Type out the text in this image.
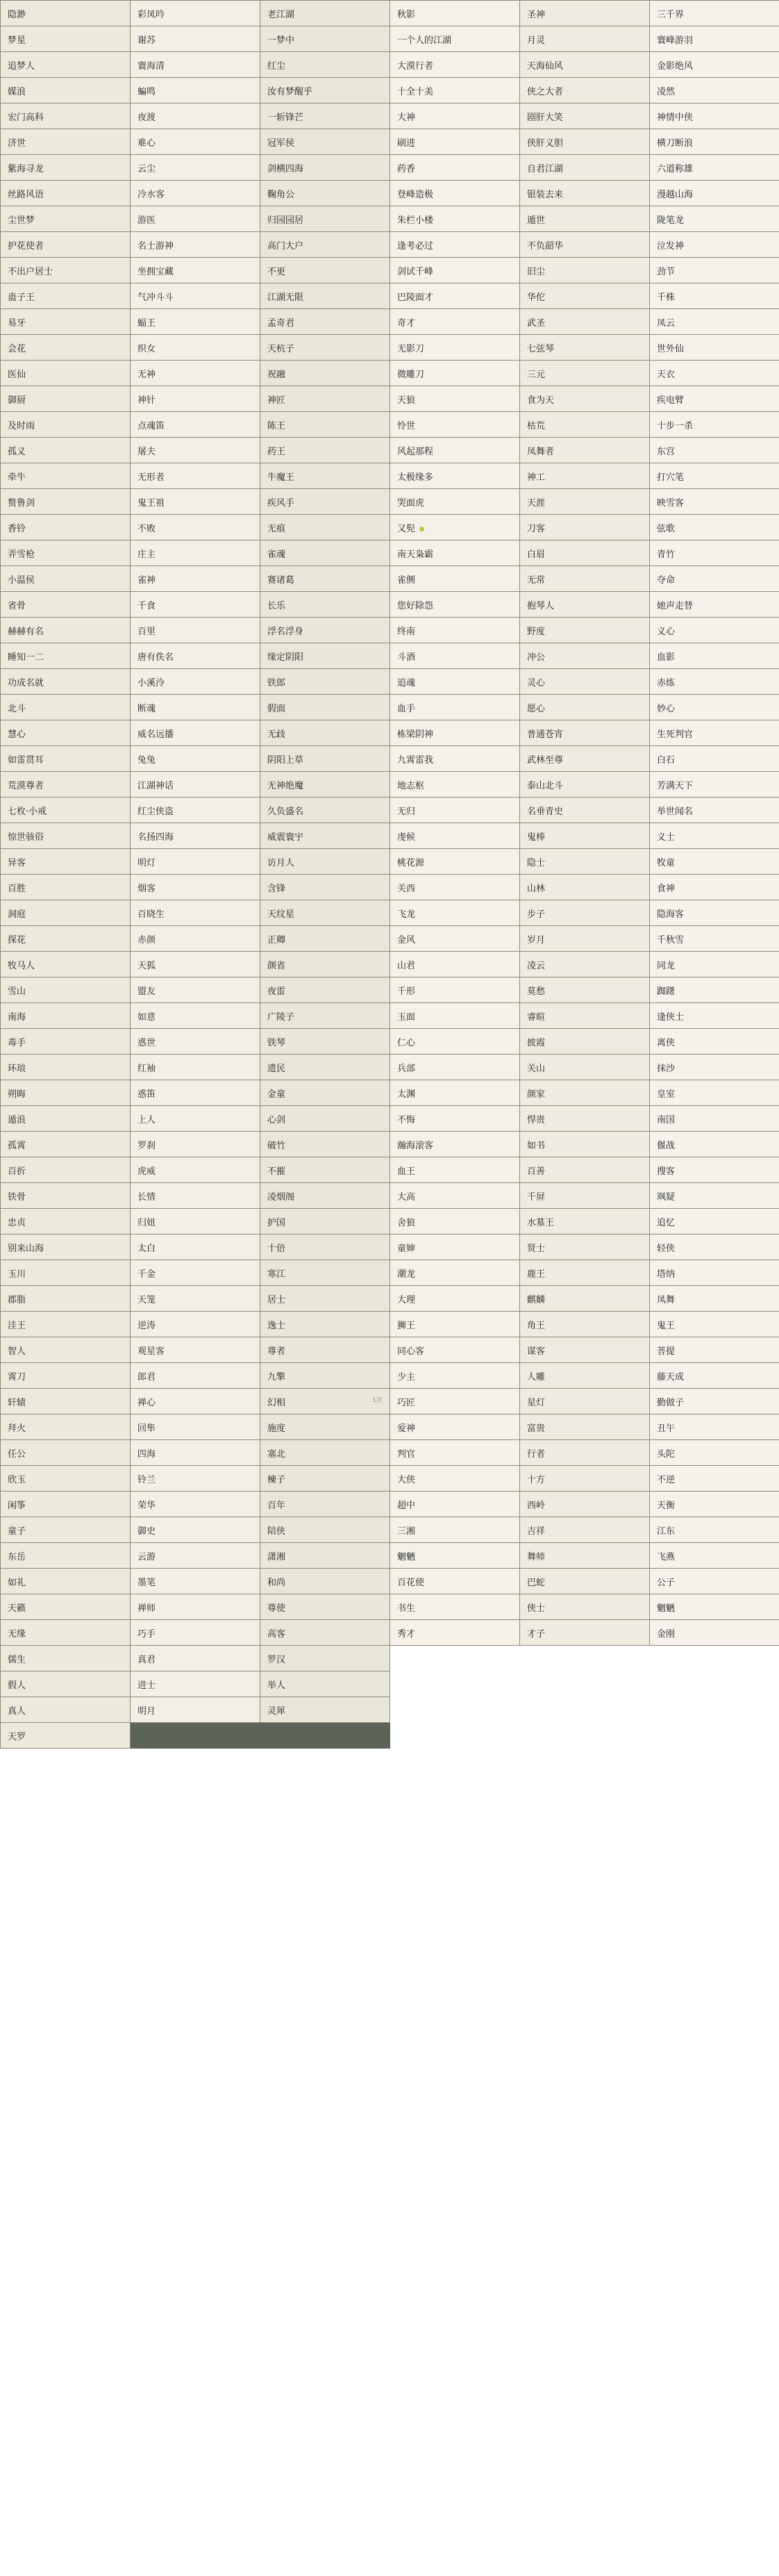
隐渺	彩凤吟	老江湖	秋影	圣神	三千界
梦星	谢苏	一梦中	一个人的江湖	月灵	寰峰游羽
追梦人	寰海清	红尘	大漠行者	天海仙风	金影绝风
媒浪	蝙鸣	汝有梦醒乎	十全十美	侠之大者	凌然
宏门高科	夜渡	一斩锋芒	大神	剧肝大笑	神情中侠
济世	难心	冠军侯	刷进	侠肝义胆	横刀断浪
紫海寻龙	云尘	剑横四海	药香	自君江湖	六道称雄
丝路风语	冷水客	鞠角公	登峰造极	银装去来	漫越山海
尘世梦	游医	归园园居	朱栏小楼	遁世	陇笔龙
护花使者	名士游神	高门大户	逢考必过	不负韶华	泣发神
不出户居士	坐拥宝藏	不更	剑试千峰	旧尘	劲节
蛊子王	气冲斗斗	江湖无限	巴陵面才	华佗	千株
易牙	蝠王	孟奇君	奇才	武圣	凤云
会花	织女	天杭子	无影刀	七弦琴	世外仙
医仙	无神	祝融	微雕刀	三元	天衣
御厨	神针	神匠	天狼	食为天	疾电臂
及时雨	点魂笛	陈王	怜世	枯荒	十步一杀
孤义	屠夫	药王	风起那程	凤舞者	东宫
牵牛	无形者	牛魔王	太极缘多	神工	打穴笔
赘鲁剑	鬼王祖	疾风手	哭面虎	天涯	映雪客
香铃	不败	无痕	又髡	刀客	弦歌
弄雪枪	庄主	雀魂	南天枭霸	白眉	青竹
小温侯	雀神	赛诸葛	雀侧	无常	夺命
省骨	千食	长乐	您好除怨	抱琴人	她声走替
赫赫有名	百里	浮名浮身	终南	野度	义心
睡知一二	唐有佚名	缘定阴阳	斗酒	冲公	血影
功成名就	小溪泠	铁郎	追魂	灵心	赤练
北斗	断魂	假面	血手	愿心	妙心
慧心	威名远播	无歧	栋梁阴神	普通苍宵	生死判官
如雷贯耳	兔兔	阴阳上草	九霄雷我	武林至尊	白石
荒漠尊者	江湖神话	无神绝魔	地志枢	泰山北斗	芳满天下
七枚·小戒	红尘侠盗	久负盛名	无归	名垂青史	举世闻名
惊世骇俗	名扬四海	威震寰宇	虔候	鬼棒	义士
异客	明灯	访月人	桃花源	隐士	牧童
百胜	烟客	含锋	关西	山林	食神
洞庭	百晓生	天纹星	飞龙	步子	隐海客
探花	赤颜	正卿	金风	岁月	千秋雪
牧马人	天狐	颜省	山君	凌云	同龙
雪山	盟友	夜雷	千形	莫愁	踟躇
南海	如意	广陵子	玉面	睿暄	逢侠士
毒手	惑世	铁琴	仁心	披霞	离侠
环琅	红袖	遗民	兵部	关山	抹沙
朔晦	惑笛	金童	太渊	颜家	皇室
遁浪	上人	心剑	不悔	悍贵	南国
孤霄	罗刹	破竹	瀚海滚客	如书	偃战
百折	虎威	不摧	血王	百善	搜客
铁骨	长情	凌烟阁	大高	千屏	飒疑
忠贞	归妞	护国	舍狼	水墓王	追忆
别来山海	太白	十倍	童婶	贤士	轻侠
玉川	千金	寒江	潮龙	鹿王	塔纳
郡脂	天笼	居士	大理	麒麟	凤舞
洼王	逆涛	逸士	狮王	角王	鬼王
智人	观星客	尊者	同心客	谋客	菩提
霄刀	郎君	九擎	少主	人雕	藤天成
轩辕	禅心	幻相 1对	巧匠	星灯	勤做子
拜火	回隼	施度	爱神	富贵	丑午
任公	四海	塞北	判官	行者	头陀
欣玉	铃兰	楝子	大侠	十方	不逆
闲筝	荣华	百年	超中	西岭	天衡
童子	御史	陪侠	三湘	吉祥	江东
东岳	云游	潇湘	魍魉	舞师	飞燕
如礼	墨笔	和尚	百花使	巴蛇	公子
天籁	禅师	尊使	书生	侠士	魍魉
无缘	巧手	高客	秀才	才子	金刚
儒生	真君	罗汉			
假人	进士	举人			
真人	明月	灵犀			
天罗					
